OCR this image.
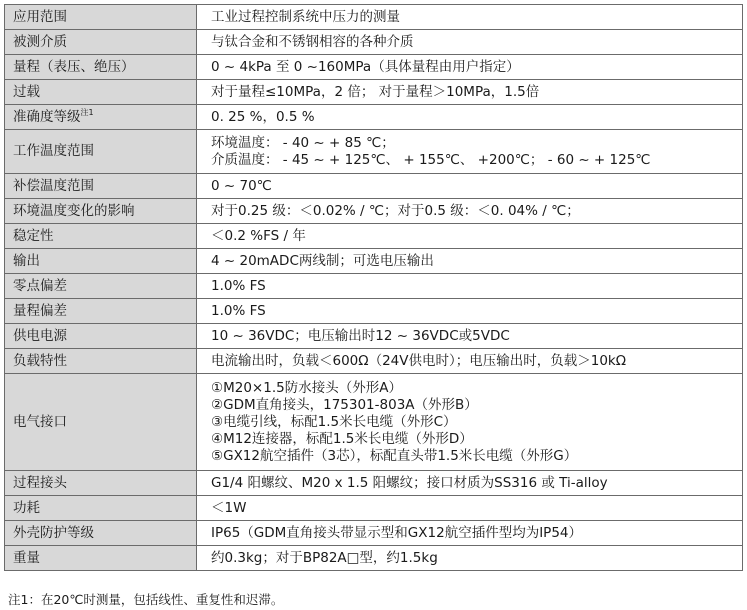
应用范围	工业过程控制系统中压力的测量
被测介质	与钛合金和不锈钢相容的各种介质
量程（表压、绝压）	0 ~ 4kPa 至 0 ~160MPa（具体量程由用户指定）
过载	对于量程≤10MPa，2 倍； 对于量程＞10MPa，1.5倍
准确度等级$^{注1}$	0. 25 %，0.5 %
工作温度范围	环境温度： - 40 ~ + 85 ℃；
介质温度： - 45 ~ + 125℃、 + 155℃、 +200℃； - 60 ~ + 125℃

补偿温度范围	0 ~ 70℃
环境温度变化的影响	对于0.25 级：＜0.02% / ℃；对于0.5 级：＜0. 04% / ℃；
稳定性	＜0.2 %FS / 年
输出	4 ~ 20mADC两线制；可选电压输出
零点偏差	1.0% FS
量程偏差	1.0% FS
供电电源	10 ~ 36VDC；电压输出时12 ~ 36VDC或5VDC
负载特性	电流输出时，负载＜600Ω（24V供电时）；电压输出时，负载＞10kΩ
电气接口	①M20×1.5防水接头（外形A）
②GDM直角接头，175301-803A（外形B）
③电缆引线，标配1.5米长电缆（外形C）
④M12连接器，标配1.5米长电缆（外形D）
⑤GX12航空插件（3芯），标配直头带1.5米长电缆（外形G）

过程接头	G1/4 阳螺纹、M20 x 1.5 阳螺纹；接口材质为SS316 或 Ti-alloy
功耗	＜1W
外壳防护等级	IP65（GDM直角接头带显示型和GX12航空插件型均为IP54）
重量	约0.3kg；对于BP82A□型，约1.5kg
注1：在20℃时测量，包括线性、重复性和迟滞。
